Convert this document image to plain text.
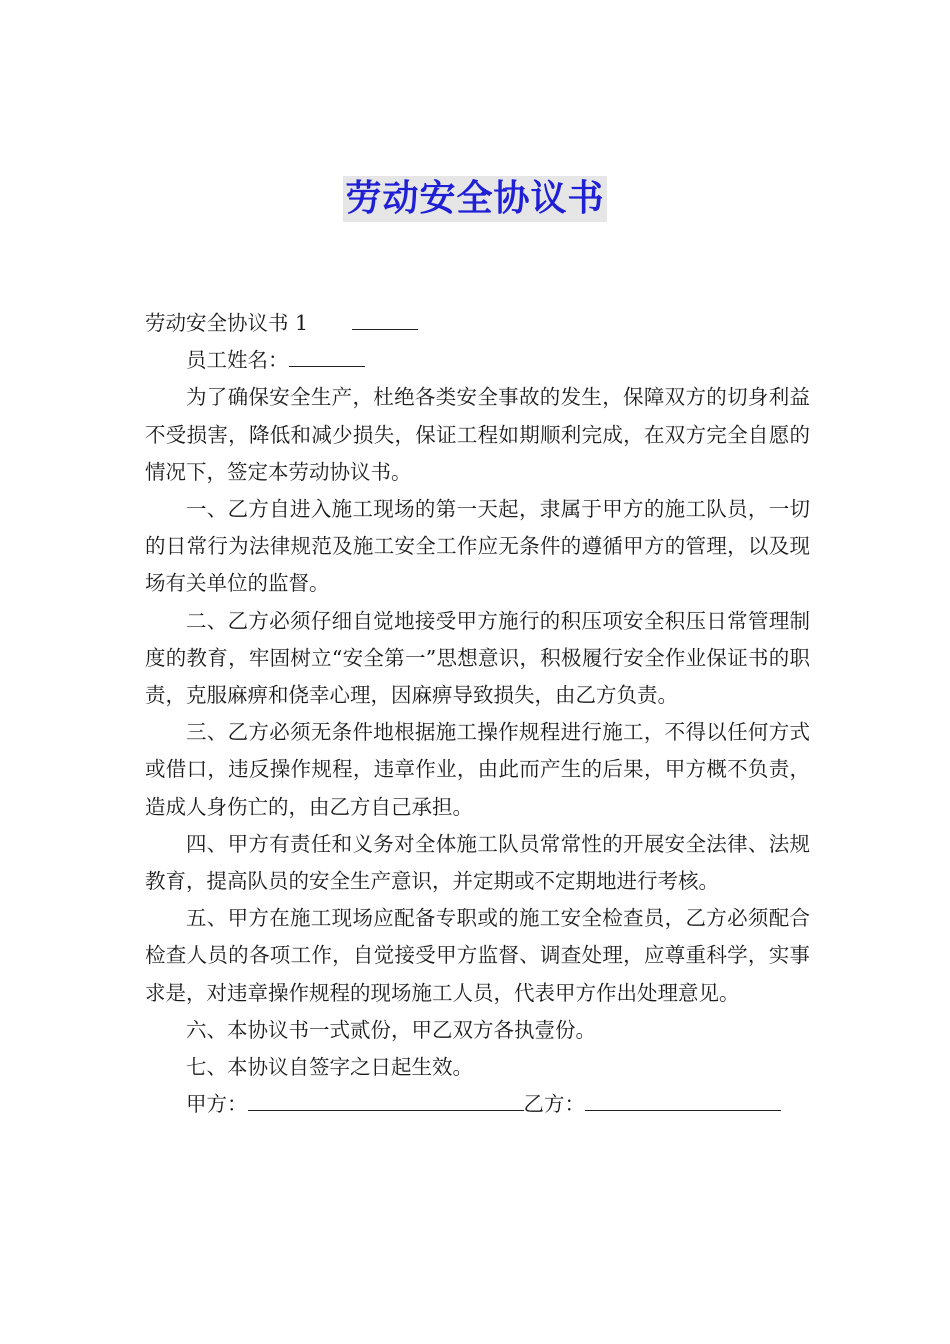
劳动安全协议书

劳动安全协议书 1

员工姓名：

为了确保安全生产，杜绝各类安全事故的发生，保障双方的切身利益不受损害，降低和减少损失，保证工程如期顺利完成，在双方完全自愿的情况下，签定本劳动协议书。

一、乙方自进入施工现场的第一天起，隶属于甲方的施工队员，一切的日常行为法律规范及施工安全工作应无条件的遵循甲方的管理，以及现场有关单位的监督。

二、乙方必须仔细自觉地接受甲方施行的积压项安全积压日常管理制度的教育，牢固树立“安全第一”思想意识，积极履行安全作业保证书的职责，克服麻痹和侥幸心理，因麻痹导致损失，由乙方负责。

三、乙方必须无条件地根据施工操作规程进行施工，不得以任何方式或借口，违反操作规程，违章作业，由此而产生的后果，甲方概不负责，造成人身伤亡的，由乙方自己承担。

四、甲方有责任和义务对全体施工队员常常性的开展安全法律、法规教育，提高队员的安全生产意识，并定期或不定期地进行考核。

五、甲方在施工现场应配备专职或的施工安全检查员，乙方必须配合检查人员的各项工作，自觉接受甲方监督、调查处理，应尊重科学，实事求是，对违章操作规程的现场施工人员，代表甲方作出处理意见。

六、本协议书一式贰份，甲乙双方各执壹份。

七、本协议自签字之日起生效。

甲方：	乙方：
